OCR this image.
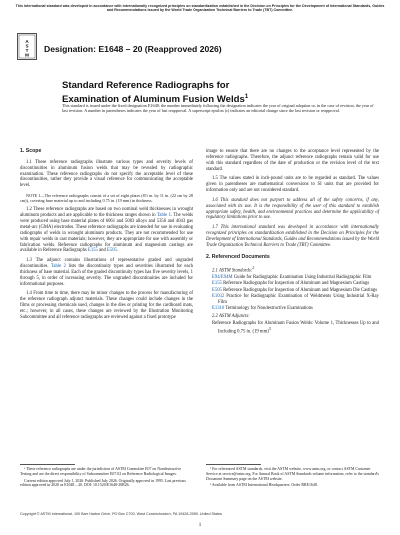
This international standard was developed in accordance with internationally recognized principles on standardization established in the Decision on Principles for the Development of International Standards, Guides and Recommendations issued by the World Trade Organization Technical Barriers to Trade (TBT) Committee.
A
S
T
M
Designation: E1648 – 20 (Reapproved 2026)
Standard Reference Radiographs for
Examination of Aluminum Fusion Welds$^1$
This standard is issued under the fixed designation E1648; the number immediately following the designation indicates the year of original adoption or, in the case of revision, the year of last revision. A number in parentheses indicates the year of last reapproval. A superscript epsilon (ε) indicates an editorial change since the last revision or reapproval.
1. Scope

1.1 These reference radiographs illustrate various types and severity levels of discontinuities in aluminum fusion welds that may be revealed by radiographic examination. These reference radiographs do not specify the acceptable level of these discontinuities, rather they provide a visual reference for communicating the acceptable level.

NOTE 1—The reference radiographs consist of a set of eight plates (8½ in. by 11 in. (22 cm by 28 cm)), covering base material up to and including 0.75 in. (19 mm) in thickness.

1.2 These reference radiographs are based on two nominal weld thicknesses in wrought aluminum products and are applicable to the thickness ranges shown in Table 1. The welds were produced using base material plates of 6061 and 5083 alloys and 5356 and 4043 gas metal-arc (GMA) electrodes. These reference radiographs are intended for use in evaluating radiographs of welds in wrought aluminum products. They are not recommended for use with repair welds in cast materials; however, they are appropriate for use with assembly or fabrication welds. Reference radiographs for aluminum and magnesium castings are available in Reference Radiographs E155 and E505.

1.3 The adjunct contains illustrations of representative graded and ungraded discontinuities. Table 2 lists the discontinuity types and severities illustrated for each thickness of base material. Each of the graded discontinuity types has five severity levels, 1 through 5, in order of increasing severity. The ungraded discontinuities are included for informational purposes.

1.4 From time to time, there may be minor changes to the process for manufacturing of the reference radiograph adjunct materials. These changes could include changes in the films or processing chemicals used, changes in the dies or printing for the cardboard mats, etc.; however, in all cases, these changes are reviewed by the Illustration Monitoring Subcommittee and all reference radiographs are reviewed against a fixed prototype

image to ensure that there are no changes to the acceptance level represented by the reference radiographs. Therefore, the adjunct reference radiographs remain valid for use with this standard regardless of the date of production or the revision level of the text standard.

1.5 The values stated in inch-pound units are to be regarded as standard. The values given in parentheses are mathematical conversions to SI units that are provided for information only and are not considered standard.

1.6 This standard does not purport to address all of the safety concerns, if any, associated with its use. It is the responsibility of the user of this standard to establish appropriate safety, health, and environmental practices and determine the applicability of regulatory limitations prior to use.

1.7 This international standard was developed in accordance with internationally recognized principles on standardization established in the Decision on Principles for the Development of International Standards, Guides and Recommendations issued by the World Trade Organization Technical Barriers to Trade (TBT) Committee.

2. Referenced Documents
2.1 ASTM Standards:$^2$
E94/E94M Guide for Radiographic Examination Using Industrial Radiographic Film
E155 Reference Radiographs for Inspection of Aluminum and Magnesium Castings
E505 Reference Radiographs for Inspection of Aluminum and Magnesium Die Castings
E1032 Practice for Radiographic Examination of Weldments Using Industrial X-Ray Film
E1316 Terminology for Nondestructive Examinations
2.2 ASTM Adjuncts:
Reference Radiographs for Aluminum Fusion Welds: Volume 1, Thicknesses Up to and Including 0.75 in. (19 mm)$^3$

¹ These reference radiographs are under the jurisdiction of ASTM Committee E07 on Nondestructive Testing and are the direct responsibility of Subcommittee E07.02 on Reference Radiological Images.

Current edition approved July 1, 2026. Published July 2026. Originally approved in 1995. Last previous edition approved in 2020 as E1648 – 20. DOI: 10.1520/E1648-20R26.

² For referenced ASTM standards, visit the ASTM website, www.astm.org, or contact ASTM Customer Service at service@astm.org. For Annual Book of ASTM Standards volume information, refer to the standard's Document Summary page on the ASTM website.

³ Available from ASTM International Headquarters. Order RRE1648.

Copyright © ASTM International, 100 Barr Harbor Drive, PO Box C700, West Conshohocken, PA 19428-2959. United States
1
